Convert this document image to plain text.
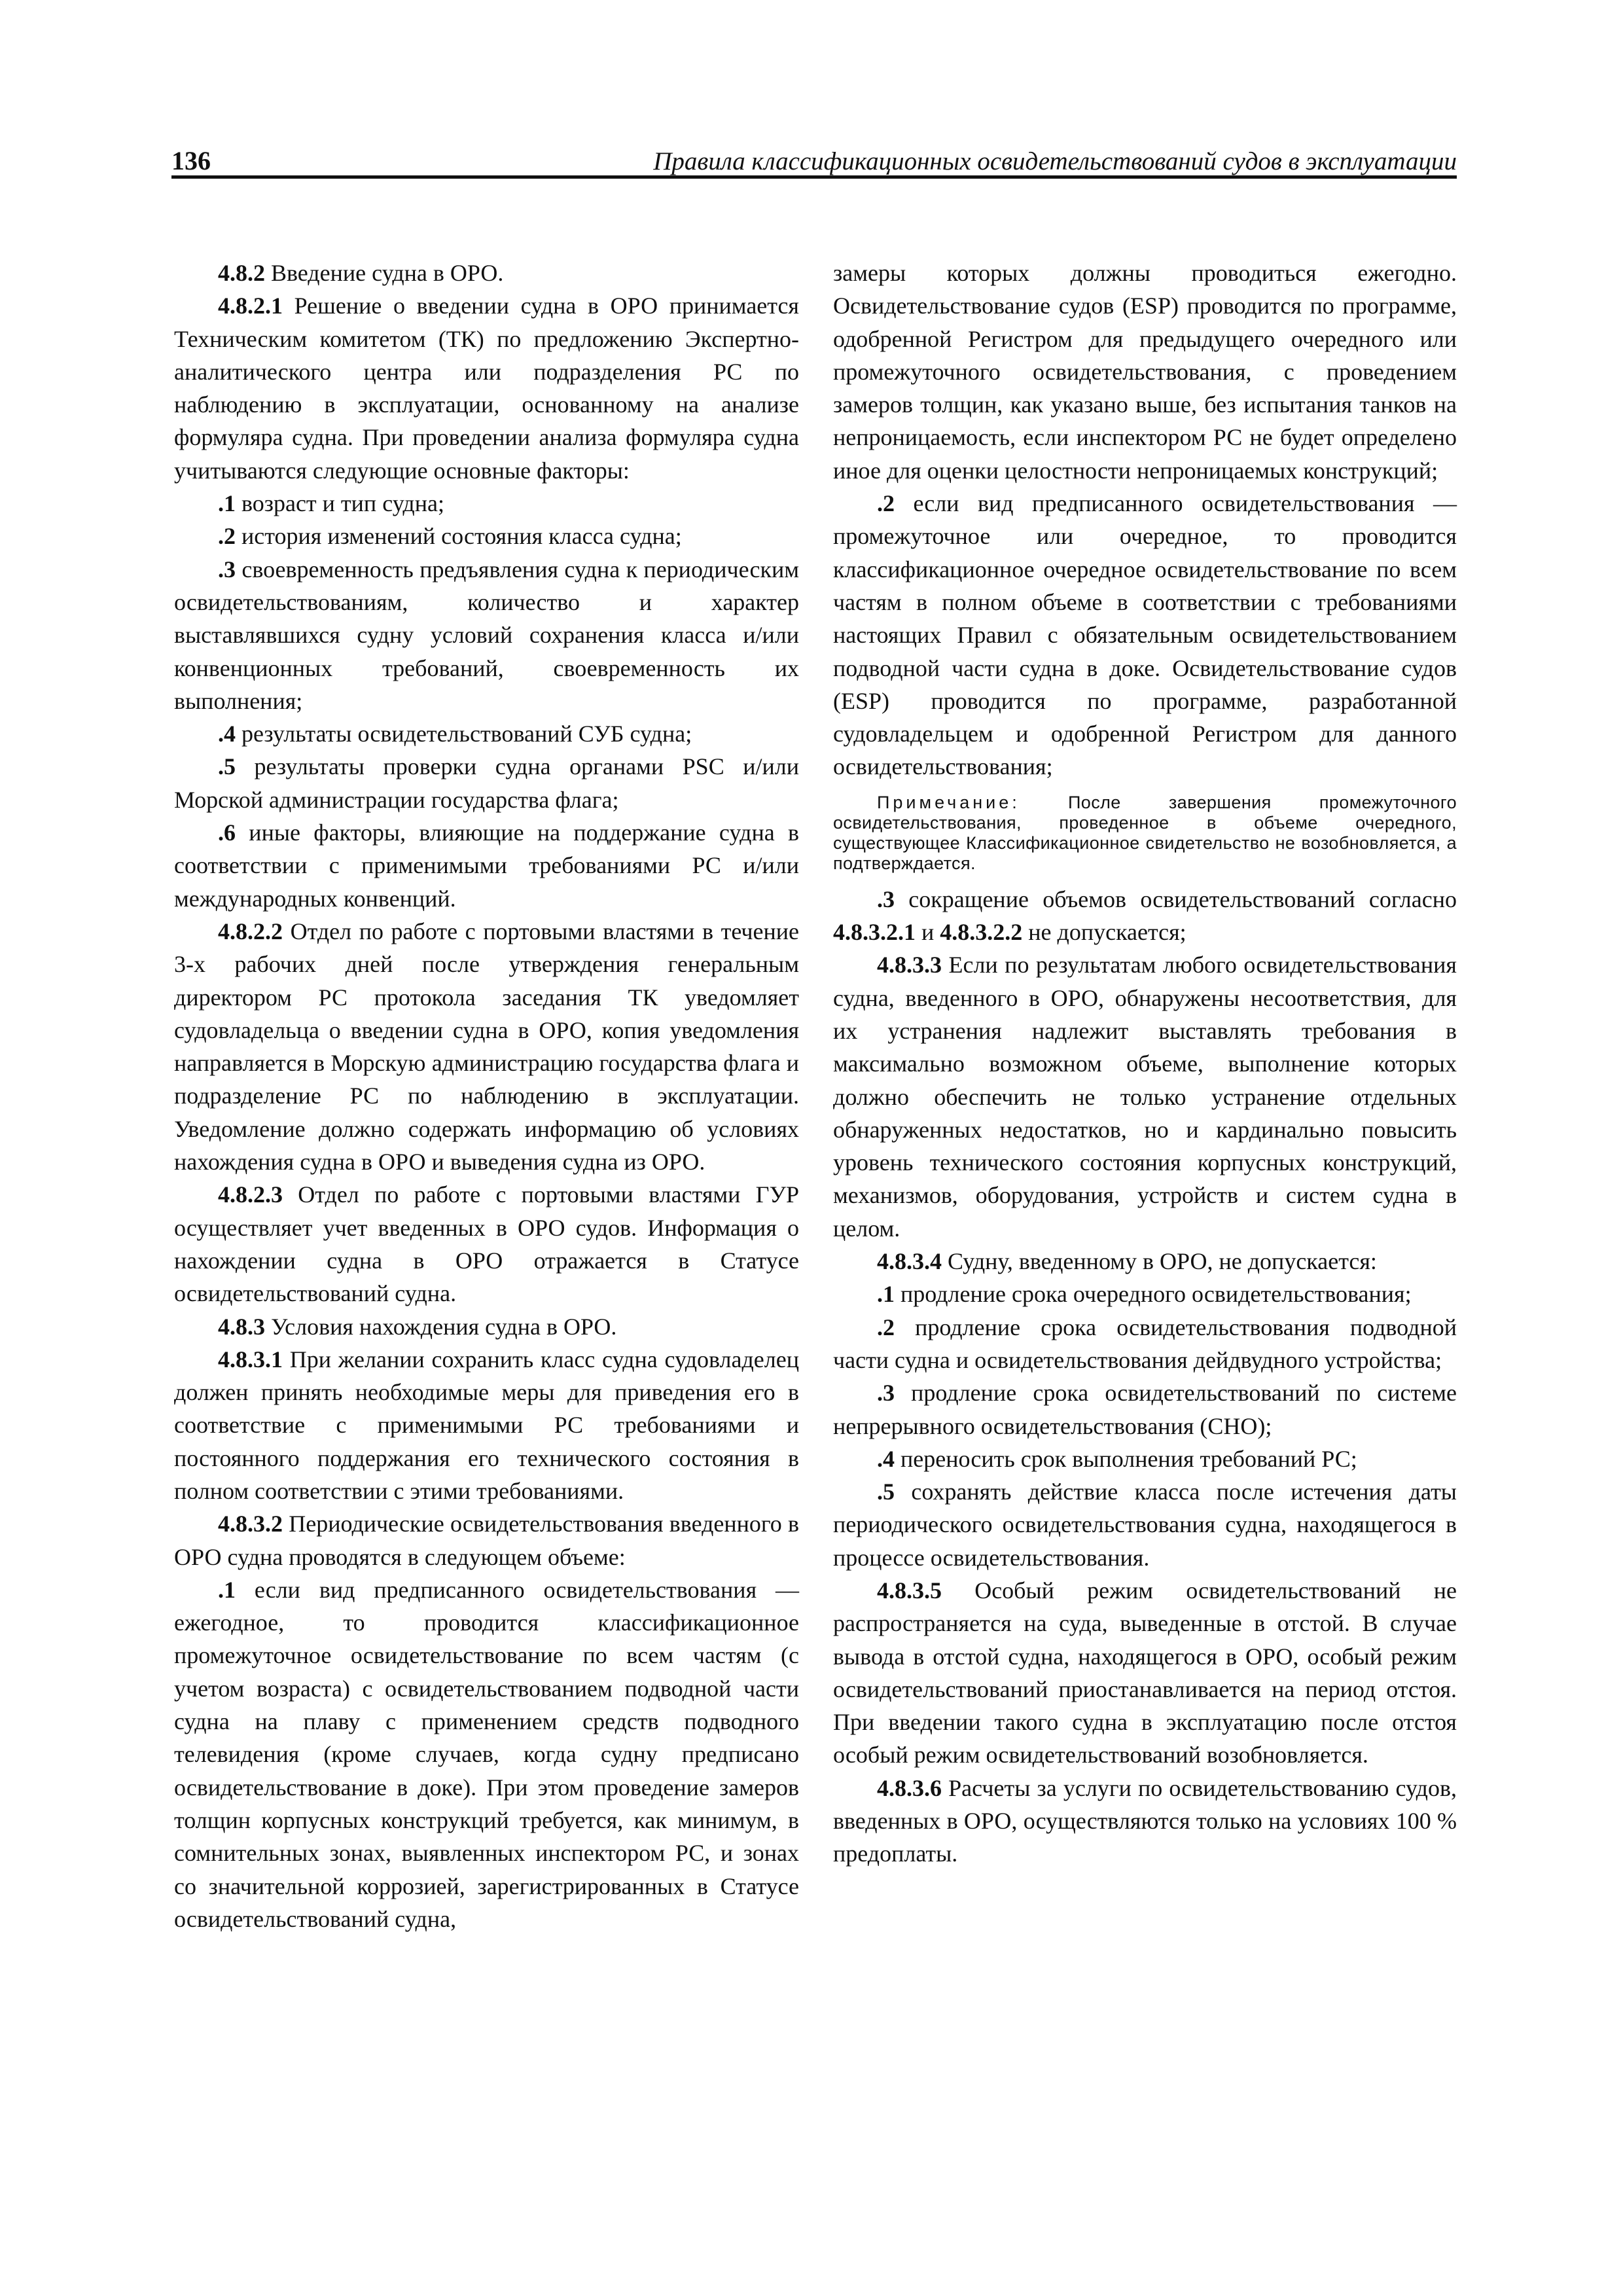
136	Правила классификационных освидетельствований судов в эксплуатации

4.8.2 Введение судна в ОРО.

4.8.2.1 Решение о введении судна в ОРО принимается Техническим комитетом (ТК) по предложению Экспертно-аналитического центра или подразделения РС по наблюдению в эксплуатации, основанному на анализе формуляра судна. При проведении анализа формуляра судна учитываются следующие основные факторы:

.1 возраст и тип судна;

.2 история изменений состояния класса судна;

.3 своевременность предъявления судна к периодическим освидетельствованиям, количество и характер выставлявшихся судну условий сохранения класса и/или конвенционных требований, своевременность их выполнения;

.4 результаты освидетельствований СУБ судна;

.5 результаты проверки судна органами PSC и/или Морской администрации государства флага;

.6 иные факторы, влияющие на поддержание судна в соответствии с применимыми требованиями РС и/или международных конвенций.

4.8.2.2 Отдел по работе с портовыми властями в течение 3-х рабочих дней после утверждения генеральным директором РС протокола заседания ТК уведомляет судовладельца о введении судна в ОРО, копия уведомления направляется в Морскую администрацию государства флага и подразделение РС по наблюдению в эксплуатации. Уведомление должно содержать информацию об условиях нахождения судна в ОРО и выведения судна из ОРО.

4.8.2.3 Отдел по работе с портовыми властями ГУР осуществляет учет введенных в ОРО судов. Информация о нахождении судна в ОРО отражается в Статусе освидетельствований судна.

4.8.3 Условия нахождения судна в ОРО.

4.8.3.1 При желании сохранить класс судна судовладелец должен принять необходимые меры для приведения его в соответствие с применимыми РС требованиями и постоянного поддержания его технического состояния в полном соответствии с этими требованиями.

4.8.3.2 Периодические освидетельствования введенного в ОРО судна проводятся в следующем объеме:

.1 если вид предписанного освидетельствования — ежегодное, то проводится классификационное промежуточное освидетельствование по всем частям (с учетом возраста) с освидетельствованием подводной части судна на плаву с применением средств подводного телевидения (кроме случаев, когда судну предписано освидетельствование в доке). При этом проведение замеров толщин корпусных конструкций требуется, как минимум, в сомнительных зонах, выявленных инспектором РС, и зонах со значительной коррозией, зарегистрированных в Статусе освидетельствований судна,

замеры которых должны проводиться ежегодно. Освидетельствование судов (ESP) проводится по программе, одобренной Регистром для предыдущего очередного или промежуточного освидетельствования, с проведением замеров толщин, как указано выше, без испытания танков на непроницаемость, если инспектором РС не будет определено иное для оценки целостности непроницаемых конструкций;

.2 если вид предписанного освидетельствования — промежуточное или очередное, то проводится классификационное очередное освидетельствование по всем частям в полном объеме в соответствии с требованиями настоящих Правил с обязательным освидетельствованием подводной части судна в доке. Освидетельствование судов (ESP) проводится по программе, разработанной судовладельцем и одобренной Регистром для данного освидетельствования;

Примечание: После завершения промежуточного освидетельствования, проведенное в объеме очередного, существующее Классификационное свидетельство не возобновляется, а подтверждается.

.3 сокращение объемов освидетельствований согласно 4.8.3.2.1 и 4.8.3.2.2 не допускается;

4.8.3.3 Если по результатам любого освидетельствования судна, введенного в ОРО, обнаружены несоответствия, для их устранения надлежит выставлять требования в максимально возможном объеме, выполнение которых должно обеспечить не только устранение отдельных обнаруженных недостатков, но и кардинально повысить уровень технического состояния корпусных конструкций, механизмов, оборудования, устройств и систем судна в целом.

4.8.3.4 Судну, введенному в ОРО, не допускается:

.1 продление срока очередного освидетельствования;

.2 продление срока освидетельствования подводной части судна и освидетельствования дейдвудного устройства;

.3 продление срока освидетельствований по системе непрерывного освидетельствования (СНО);

.4 переносить срок выполнения требований РС;

.5 сохранять действие класса после истечения даты периодического освидетельствования судна, находящегося в процессе освидетельствования.

4.8.3.5 Особый режим освидетельствований не распространяется на суда, выведенные в отстой. В случае вывода в отстой судна, находящегося в ОРО, особый режим освидетельствований приостанавливается на период отстоя. При введении такого судна в эксплуатацию после отстоя особый режим освидетельствований возобновляется.

4.8.3.6 Расчеты за услуги по освидетельствованию судов, введенных в ОРО, осуществляются только на условиях 100 % предоплаты.
